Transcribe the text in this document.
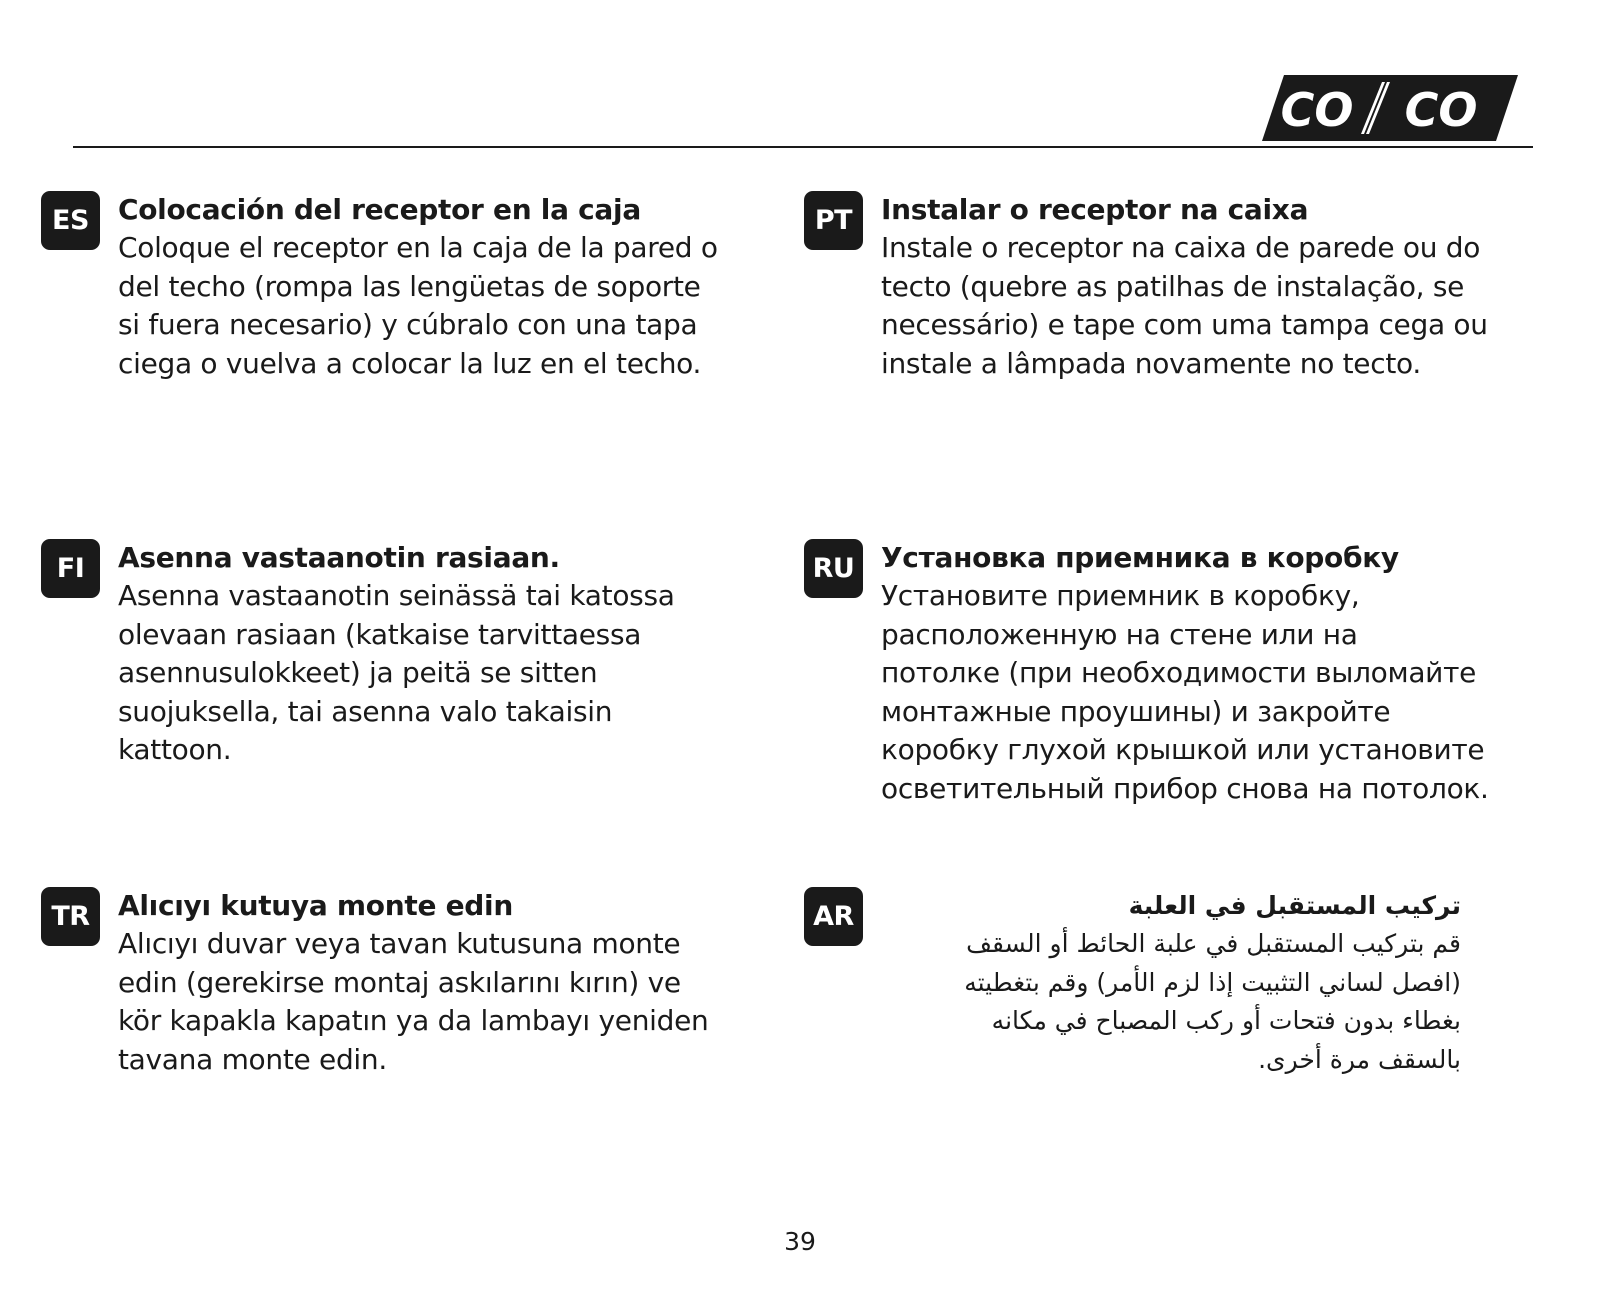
CO CO
ES	Colocación del receptor en la caja
Coloque el receptor en la caja de la pared o
del techo (rompa las lengüetas de soporte
si fuera necesario) y cúbralo con una tapa
ciega o vuelva a colocar la luz en el techo.
PT	Instalar o receptor na caixa
Instale o receptor na caixa de parede ou do
tecto (quebre as patilhas de instalação, se
necessário) e tape com uma tampa cega ou
instale a lâmpada novamente no tecto.
FI	Asenna vastaanotin rasiaan.
Asenna vastaanotin seinässä tai katossa
olevaan rasiaan (katkaise tarvittaessa
asennusulokkeet) ja peitä se sitten
suojuksella, tai asenna valo takaisin
kattoon.
RU Установка приемника в коробку
Установите приемник в коробку,
расположенную на стене или на
потолке (при необходимости выломайте
монтажные проушины) и закройте
коробку глухой крышкой или установите
осветительный прибор снова на потолок.
TR	Alıcıyı kutuya monte edin
Alıcıyı duvar veya tavan kutusuna monte
edin (gerekirse montaj askılarını kırın) ve
kör kapakla kapatın ya da lambayı yeniden
tavana monte edin.
AR	تركيب المستقبل في العلبة
قم بتركيب المستقبل في علبة الحائط أو السقف
(افصل لساني التثبيت إذا لزم الأمر) وقم بتغطيته
بغطاء بدون فتحات أو ركب المصباح في مكانه
بالسقف مرة أخرى.
39
